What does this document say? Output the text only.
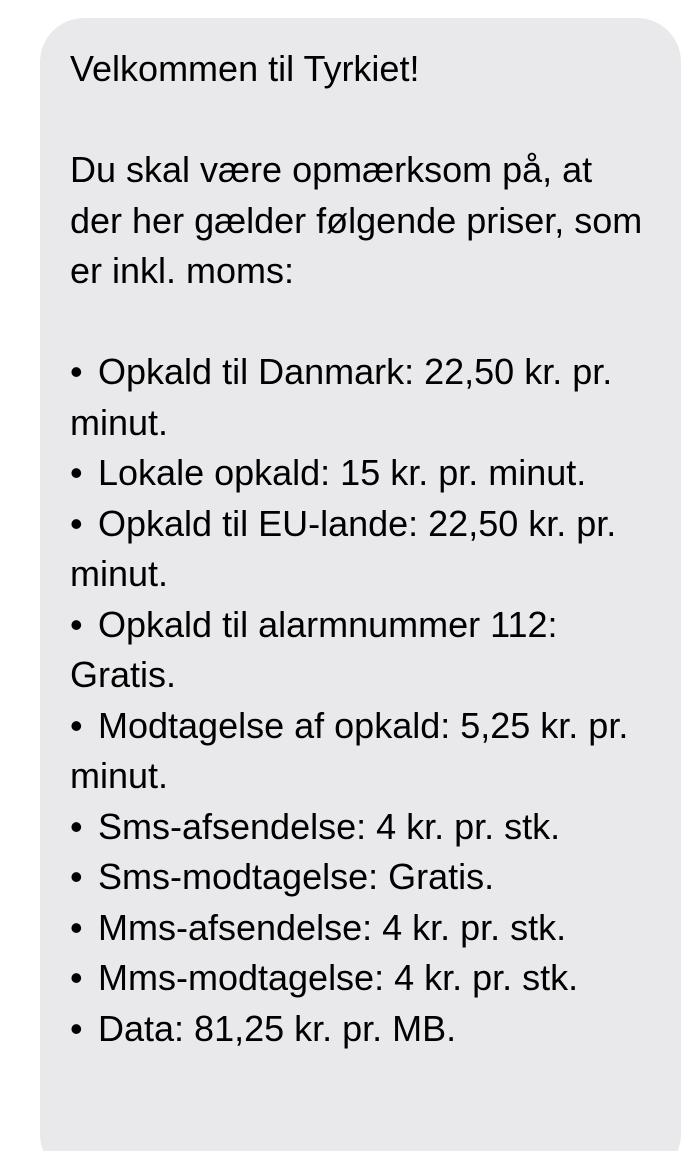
Velkommen til Tyrkiet!

Du skal være opmærksom på, at der her gælder følgende priser, som er inkl. moms:

• Opkald til Danmark: 22,50 kr. pr. minut.
• Lokale opkald: 15 kr. pr. minut.
• Opkald til EU-lande: 22,50 kr. pr. minut.
• Opkald til alarmnummer 112: Gratis.
• Modtagelse af opkald: 5,25 kr. pr. minut.
• Sms-afsendelse: 4 kr. pr. stk.
• Sms-modtagelse: Gratis.
• Mms-afsendelse: 4 kr. pr. stk.
• Mms-modtagelse: 4 kr. pr. stk.
• Data: 81,25 kr. pr. MB.
